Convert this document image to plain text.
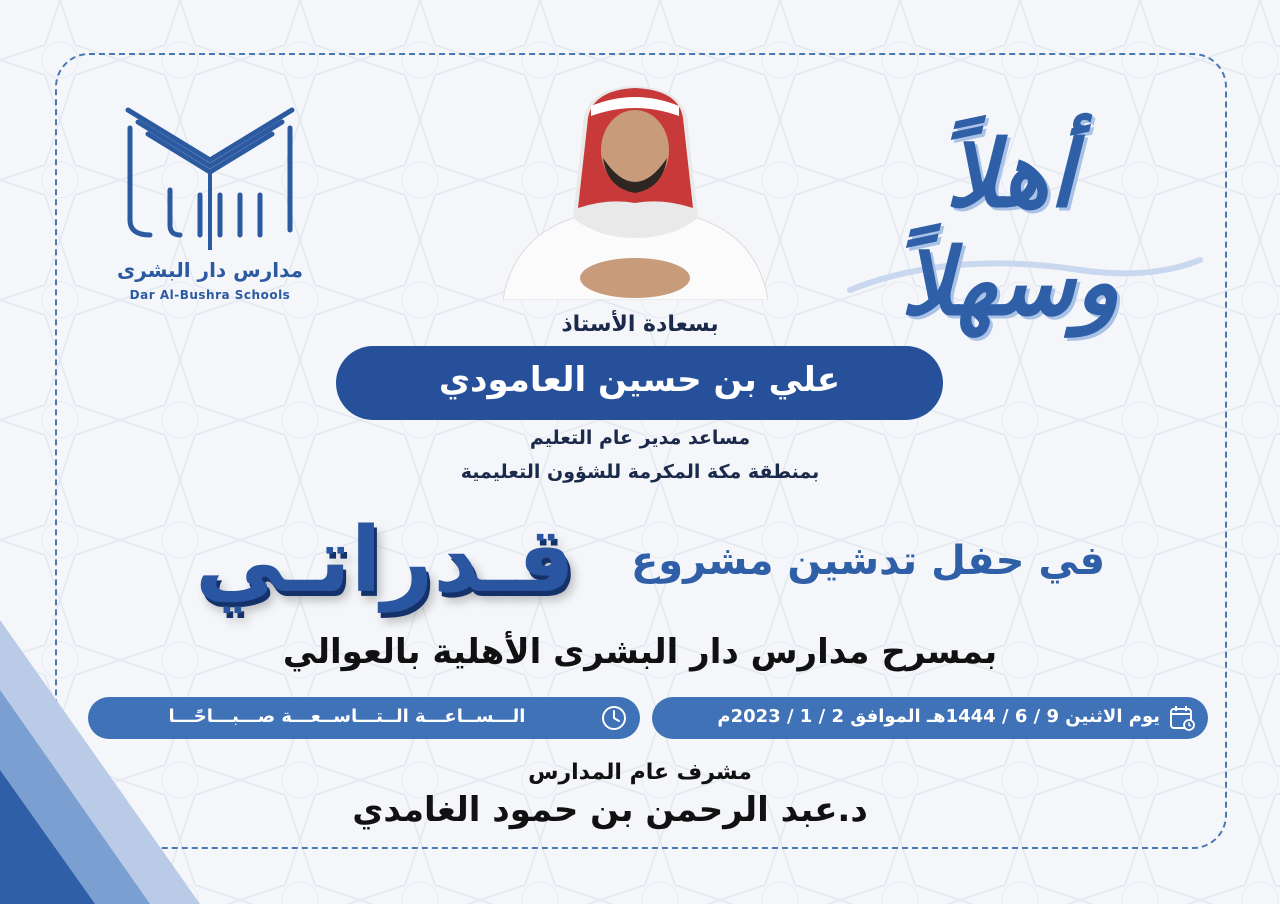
مدارس دار البشرى
Dar Al-Bushra Schools
أهلاً وسهلاً
بسعادة الأستاذ
علي بن حسين العامودي
مساعد مدير عام التعليم
بمنطقة مكة المكرمة للشؤون التعليمية
في حفل تدشين مشروع
قـدراتـي
بمسرح مدارس دار البشرى الأهلية بالعوالي
يوم الاثنين 9 / 6 / 1444هـ الموافق 2 / 1 / 2023م
الـــســاعـــة الــتـــاســعـــة صـــبـــاحًـــا
مشرف عام المدارس
د.عبد الرحمن بن حمود الغامدي
